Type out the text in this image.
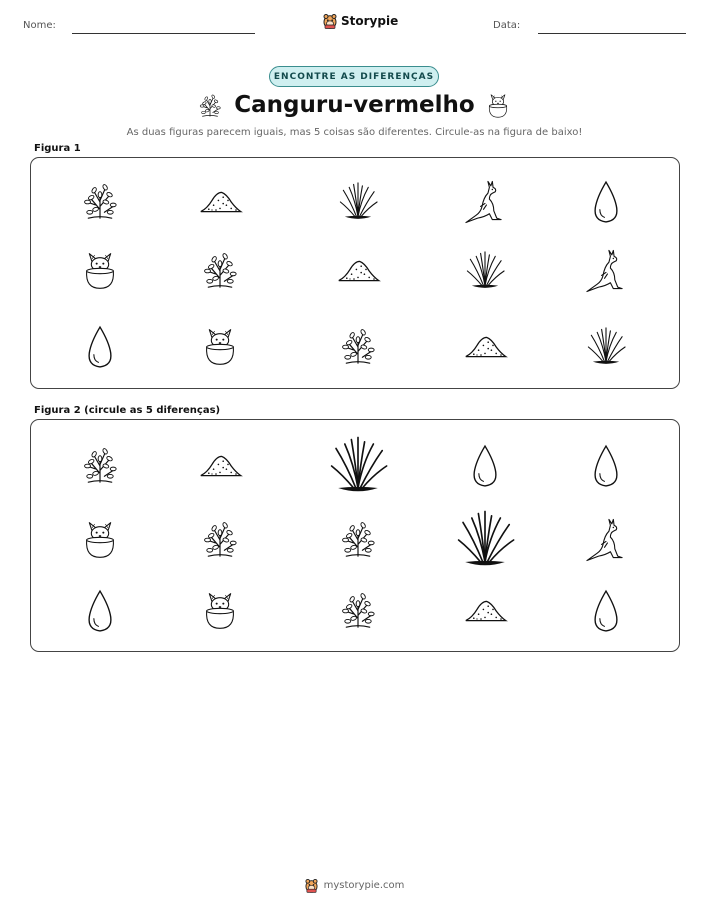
Nome:	Storypie	Data:
ENCONTRE AS DIFERENÇAS
Canguru-vermelho
As duas figuras parecem iguais, mas 5 coisas são diferentes. Circule-as na figura de baixo!
Figura 1
Figura 2 (circule as 5 diferenças)
mystorypie.com
